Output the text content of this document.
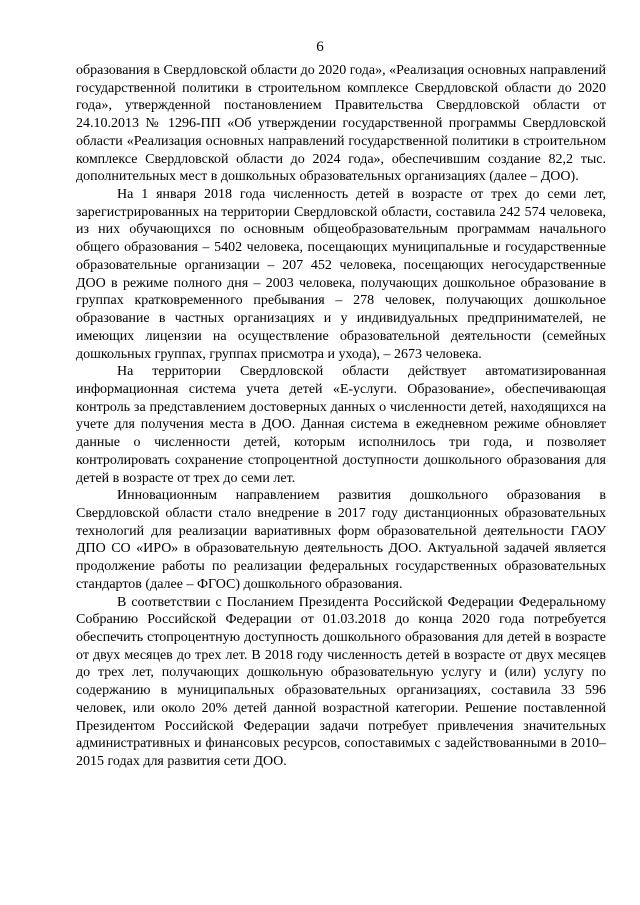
6

образования в Свердловской области до 2020 года», «Реализация основных направлений государственной политики в строительном комплексе Свердловской области до 2020 года», утвержденной постановлением Правительства Свердловской области от 24.10.2013 № 1296-ПП «Об утверждении государственной программы Свердловской области «Реализация основных направлений государственной политики в строительном комплексе Свердловской области до 2024 года», обеспечившим создание 82,2 тыс. дополнительных мест в дошкольных образовательных организациях (далее – ДОО).

На 1 января 2018 года численность детей в возрасте от трех до семи лет, зарегистрированных на территории Свердловской области, составила 242 574 человека, из них обучающихся по основным общеобразовательным программам начального общего образования – 5402 человека, посещающих муниципальные и государственные образовательные организации – 207 452 человека, посещающих негосударственные ДОО в режиме полного дня – 2003 человека, получающих дошкольное образование в группах кратковременного пребывания – 278 человек, получающих дошкольное образование в частных организациях и у индивидуальных предпринимателей, не имеющих лицензии на осуществление образовательной деятельности (семейных дошкольных группах, группах присмотра и ухода), – 2673 человека.

На территории Свердловской области действует автоматизированная информационная система учета детей «Е-услуги. Образование», обеспечивающая контроль за представлением достоверных данных о численности детей, находящихся на учете для получения места в ДОО. Данная система в ежедневном режиме обновляет данные о численности детей, которым исполнилось три года, и позволяет контролировать сохранение стопроцентной доступности дошкольного образования для детей в возрасте от трех до семи лет.

Инновационным направлением развития дошкольного образования в Свердловской области стало внедрение в 2017 году дистанционных образовательных технологий для реализации вариативных форм образовательной деятельности ГАОУ ДПО СО «ИРО» в образовательную деятельность ДОО. Актуальной задачей является продолжение работы по реализации федеральных государственных образовательных стандартов (далее – ФГОС) дошкольного образования.

В соответствии с Посланием Президента Российской Федерации Федеральному Собранию Российской Федерации от 01.03.2018 до конца 2020 года потребуется обеспечить стопроцентную доступность дошкольного образования для детей в возрасте от двух месяцев до трех лет. В 2018 году численность детей в возрасте от двух месяцев до трех лет, получающих дошкольную образовательную услугу и (или) услугу по содержанию в муниципальных образовательных организациях, составила 33 596 человек, или около 20% детей данной возрастной категории. Решение поставленной Президентом Российской Федерации задачи потребует привлечения значительных административных и финансовых ресурсов, сопоставимых с задействованными в 2010–2015 годах для развития сети ДОО.
